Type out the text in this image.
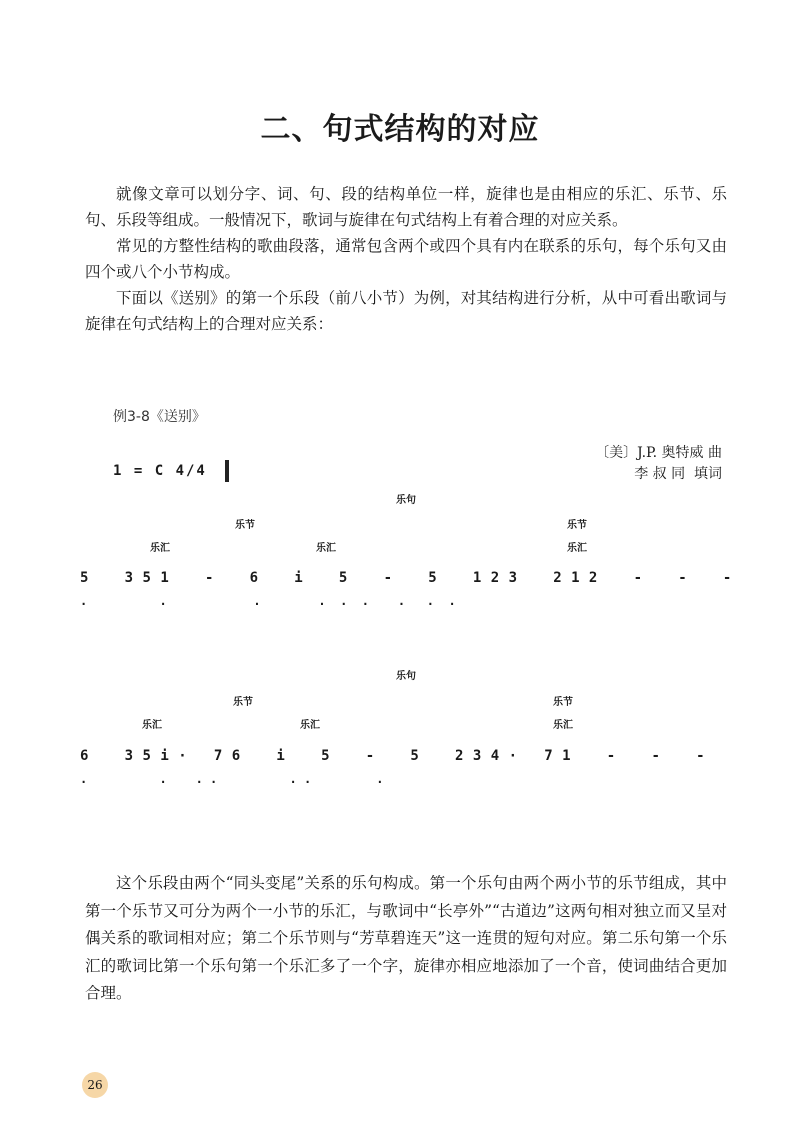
二、句式结构的对应

就像文章可以划分字、词、句、段的结构单位一样，旋律也是由相应的乐汇、乐节、乐句、乐段等组成。一般情况下，歌词与旋律在句式结构上有着合理的对应关系。

常见的方整性结构的歌曲段落，通常包含两个或四个具有内在联系的乐句，每个乐句又由四个或八个小节构成。

下面以《送别》的第一个乐段（前八小节）为例，对其结构进行分析，从中可看出歌词与旋律在句式结构上的合理对应关系：

例3-8《送别》
〔美〕J.P. 奥特威 曲
李 叔 同  填词
1 = C 4/4
乐句
乐节	乐节
乐汇	乐汇	乐汇
5    3 5 1    -    6    i    5    -    5    1 2 3    2 1 2    -    -    -
·          ·            ·        ·  ·  ·    ·   ·  ·
乐句
乐节	乐节
乐汇	乐汇	乐汇
6    3 5 i ·   7 6    i    5    -    5    2 3 4 ·   7 1    -    -    -
·          ·    · ·          · ·         ·

这个乐段由两个“同头变尾”关系的乐句构成。第一个乐句由两个两小节的乐节组成，其中第一个乐节又可分为两个一小节的乐汇，与歌词中“长亭外”“古道边”这两句相对独立而又呈对偶关系的歌词相对应；第二个乐节则与“芳草碧连天”这一连贯的短句对应。第二乐句第一个乐汇的歌词比第一个乐句第一个乐汇多了一个字，旋律亦相应地添加了一个音，使词曲结合更加合理。

26
